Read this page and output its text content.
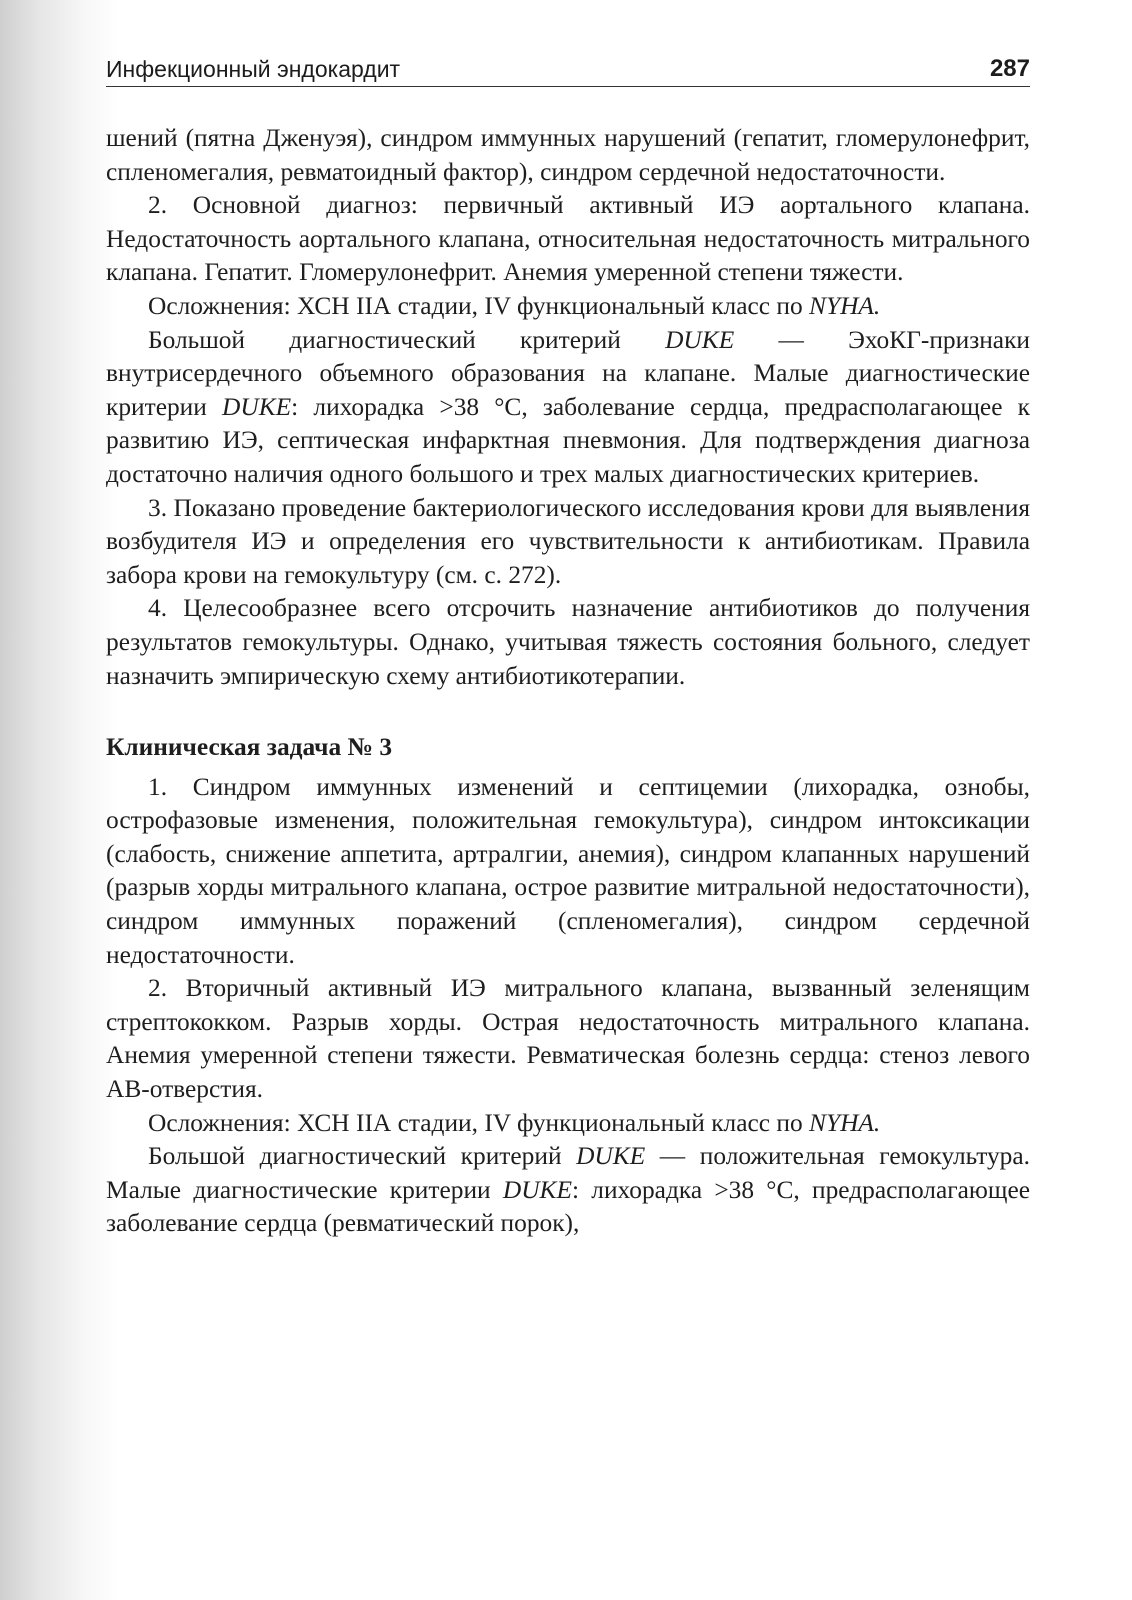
Инфекционный эндокардит	287

шений (пятна Дженуэя), синдром иммунных нарушений (гепатит, гломерулонефрит, спленомегалия, ревматоидный фактор), синдром сердечной недостаточности.

2. Основной диагноз: первичный активный ИЭ аортального клапана. Недостаточность аортального клапана, относительная недостаточность митрального клапана. Гепатит. Гломерулонефрит. Анемия умеренной степени тяжести.

Осложнения: ХСН IIА стадии, IV функциональный класс по NYHA.

Большой диагностический критерий DUKE — ЭхоКГ-признаки внутрисердечного объемного образования на клапане. Малые диагностические критерии DUKE: лихорадка >38 °С, заболевание сердца, предрасполагающее к развитию ИЭ, септическая инфарктная пневмония. Для подтверждения диагноза достаточно наличия одного большого и трех малых диагностических критериев.

3. Показано проведение бактериологического исследования крови для выявления возбудителя ИЭ и определения его чувствительности к антибиотикам. Правила забора крови на гемокультуру (см. с. 272).

4. Целесообразнее всего отсрочить назначение антибиотиков до получения результатов гемокультуры. Однако, учитывая тяжесть состояния больного, следует назначить эмпирическую схему антибиотикотерапии.

Клиническая задача № 3

1. Синдром иммунных изменений и септицемии (лихорадка, ознобы, острофазовые изменения, положительная гемокультура), синдром интоксикации (слабость, снижение аппетита, артралгии, анемия), синдром клапанных нарушений (разрыв хорды митрального клапана, острое развитие митральной недостаточности), синдром иммунных поражений (спленомегалия), синдром сердечной недостаточности.

2. Вторичный активный ИЭ митрального клапана, вызванный зеленящим стрептококком. Разрыв хорды. Острая недостаточность митрального клапана. Анемия умеренной степени тяжести. Ревматическая болезнь сердца: стеноз левого АВ-отверстия.

Осложнения: ХСН IIА стадии, IV функциональный класс по NYHA.

Большой диагностический критерий DUKE — положительная гемокультура. Малые диагностические критерии DUKE: лихорадка >38 °С, предрасполагающее заболевание сердца (ревматический порок),
